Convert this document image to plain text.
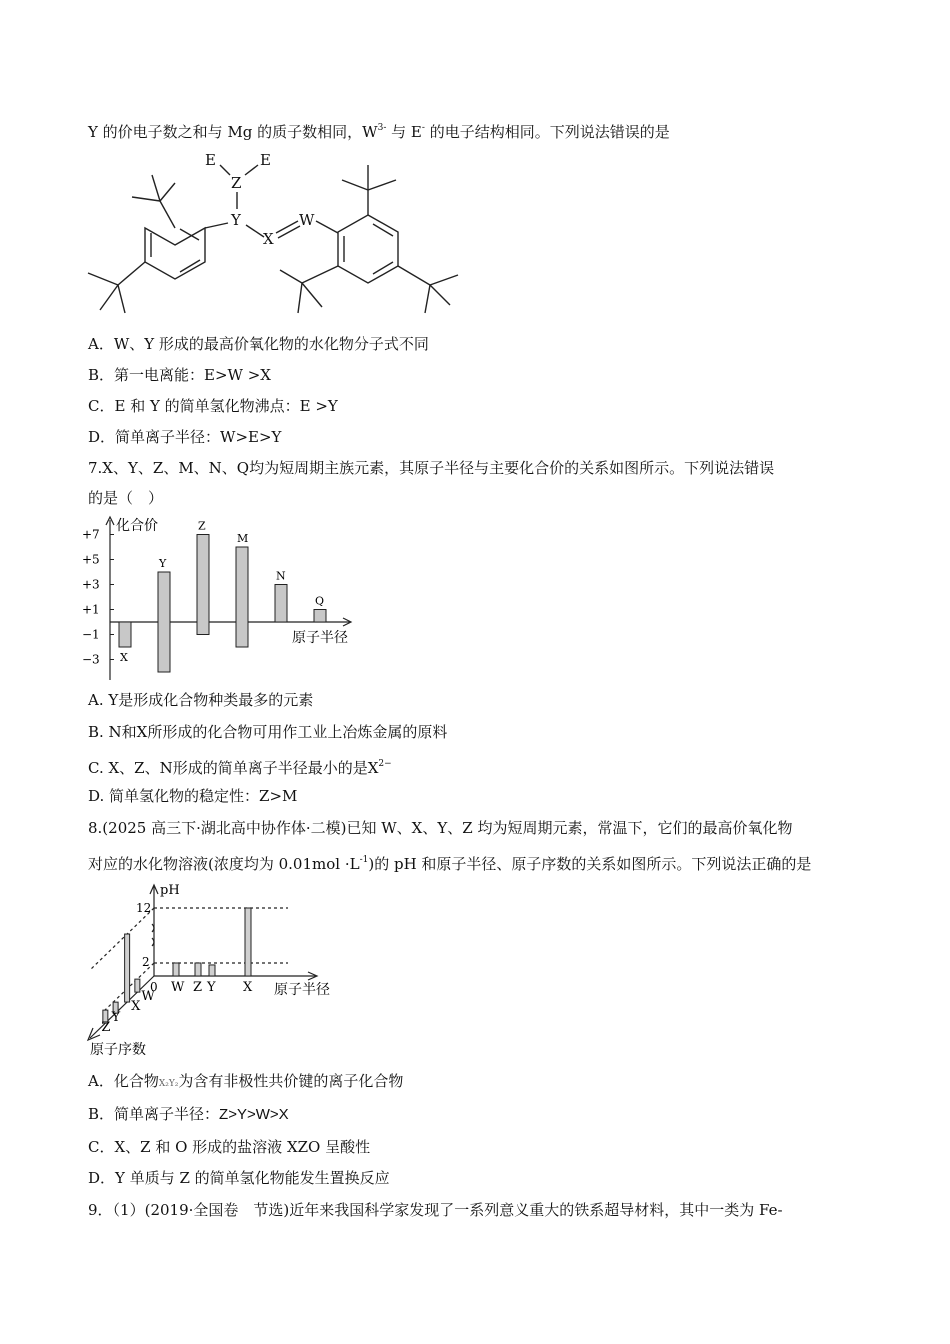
Y 的价电子数之和与 Mg 的质子数相同，$W^{3-}$ 与 E- 的电子结构相同。下列说法错误的是
E	E
Z
Y
X
W
A．W、Y 形成的最高价氧化物的水化物分子式不同
B．第一电离能：E>W >X
C．E 和 Y 的简单氢化物沸点：E >Y
D．简单离子半径：W>E>Y
7.X、Y、Z、M、N、Q均为短周期主族元素，其原子半径与主要化合价的关系如图所示。下列说法错误
的是（　）
化合价
原子半径
+7
+5
+3
+1
−1
−3 X
Y
Z
M
N
Q
A. Y是形成化合物种类最多的元素
B. N和X所形成的化合物可用作工业上冶炼金属的原料
C. X、Z、N形成的简单离子半径最小的是$X^{2-}$
D. 简单氢化物的稳定性：Z>M
8.(2025 高三下·湖北高中协作体·二模)已知 W、X、Y、Z 均为短周期元素，常温下，它们的最高价氧化物
对应的水化物溶液(浓度均为 $0.01mol \cdot L^{-1}$)的 pH 和原子半径、原子序数的关系如图所示。下列说法正确的是
pH
12
2
0	原子半径
原子序数
W Z Y X
W
X
Y
Z
A．化合物X₂Y₂为含有非极性共价键的离子化合物
B．简单离子半径：Z>Y>W>X
C．X、Z 和 O 形成的盐溶液 XZO 呈酸性
D．Y 单质与 Z 的简单氢化物能发生置换反应
9．（1）(2019·全国卷　节选)近年来我国科学家发现了一系列意义重大的铁系超导材料，其中一类为 Fe-
